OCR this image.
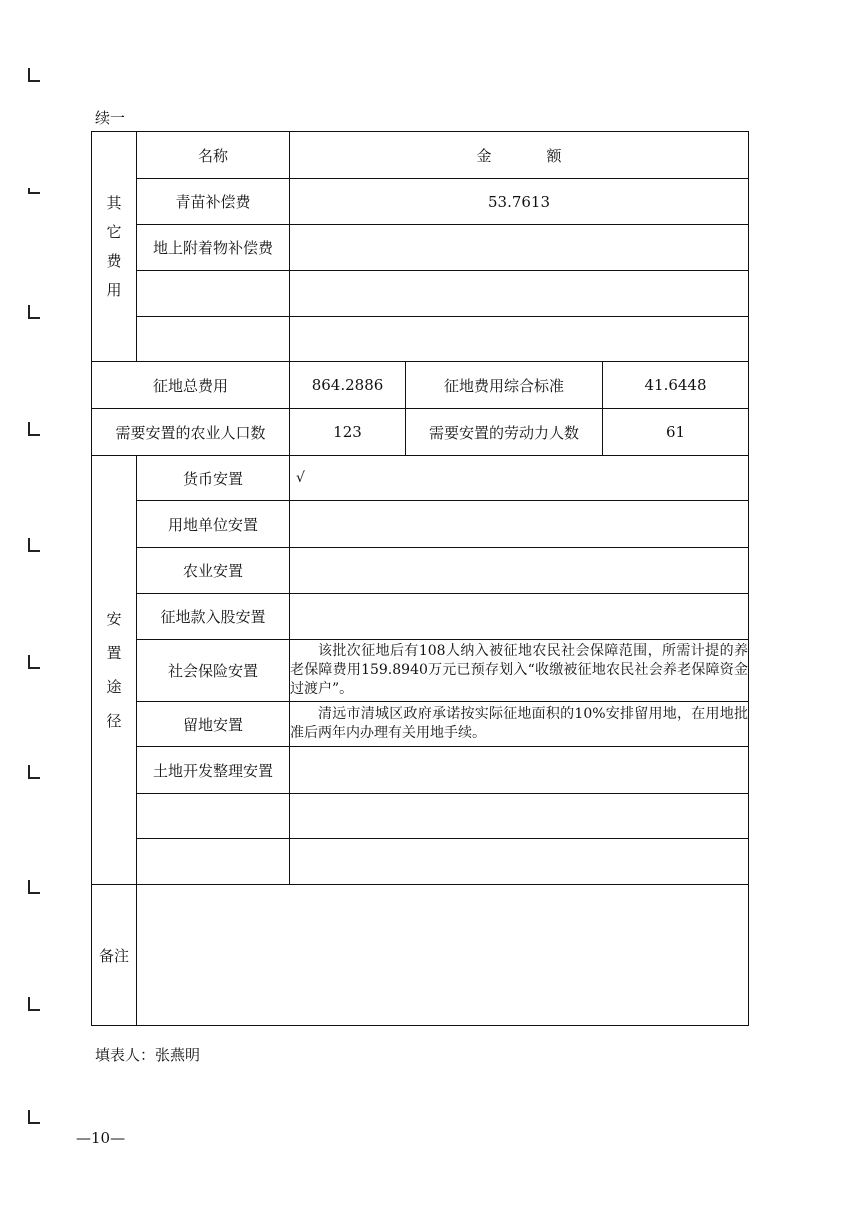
续一
其
它
费
用	名称	金 额		
	青苗补偿费	53.7613		
	地上附着物补偿费			

征地总费用		864.2886	征地费用综合标准	41.6448
需要安置的农业人口数		123	需要安置的劳动力人数	61

安
置
途
径	货币安置	√		
	用地单位安置			
	农业安置			
	征地款入股安置			
	社会保险安置	该批次征地后有108人纳入被征地农民社会保障范围，所需计提的养老保障费用159.8940万元已预存划入“收缴被征地农民社会养老保障资金过渡户”。		
	留地安置	清远市清城区政府承诺按实际征地面积的10%安排留用地，在用地批准后两年内办理有关用地手续。		
	土地开发整理安置			

备注				
填表人：张燕明
—10—
